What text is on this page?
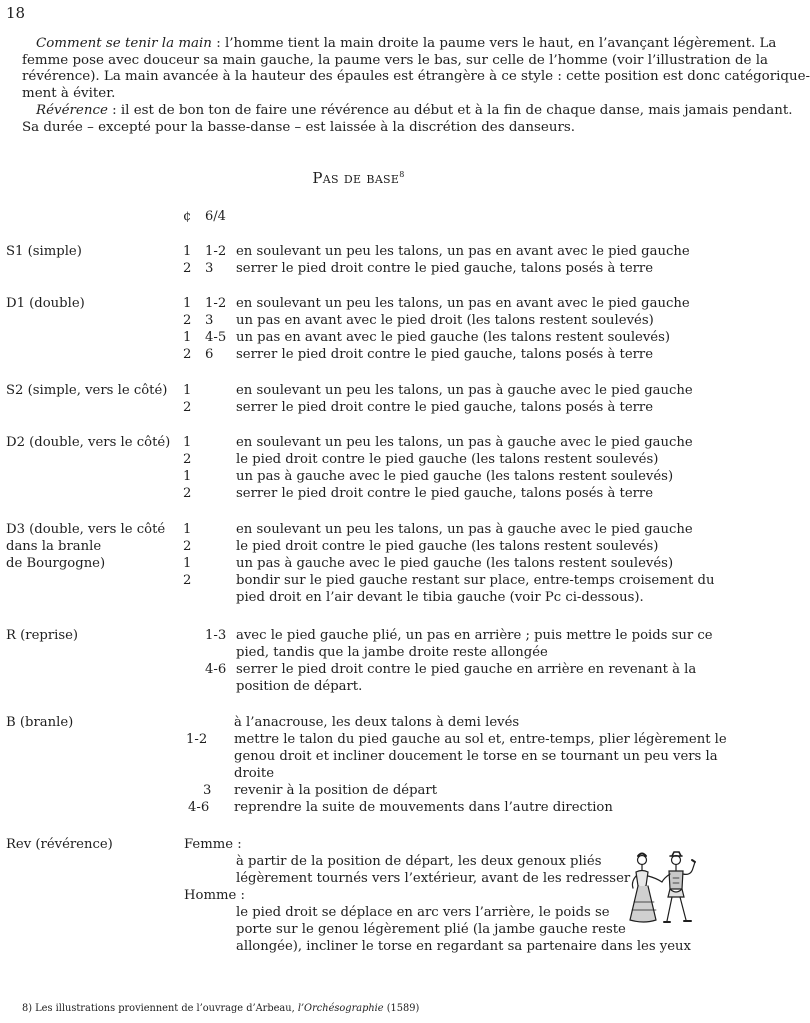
18
Comment se tenir la main : l’homme tient la main droite la paume vers le haut, en l’avançant légèrement. La
femme pose avec douceur sa main gauche, la paume vers le bas, sur celle de l’homme (voir l’illustration de la
révérence). La main avancée à la hauteur des épaules est étrangère à ce style : cette position est donc catégorique-
ment à éviter.
Révérence : il est de bon ton de faire une révérence au début et à la fin de chaque danse, mais jamais pendant.
Sa durée – excepté pour la basse-danse – est laissée à la discrétion des danseurs.
Pas de base$^8$
¢ 6/4
S1 (simple)	1 1-2 en soulevant un peu les talons, un pas en avant avec le pied gauche
2 3 serrer le pied droit contre le pied gauche, talons posés à terre
D1 (double)	1 1-2 en soulevant un peu les talons, un pas en avant avec le pied gauche
2 3 un pas en avant avec le pied droit (les talons restent soulevés)
1 4-5 un pas en avant avec le pied gauche (les talons restent soulevés)
2 6 serrer le pied droit contre le pied gauche, talons posés à terre
S2 (simple, vers le côté) 1	en soulevant un peu les talons, un pas à gauche avec le pied gauche
2	serrer le pied droit contre le pied gauche, talons posés à terre
D2 (double, vers le côté) 1	en soulevant un peu les talons, un pas à gauche avec le pied gauche
2	le pied droit contre le pied gauche (les talons restent soulevés)
1	un pas à gauche avec le pied gauche (les talons restent soulevés)
2	serrer le pied droit contre le pied gauche, talons posés à terre
D3 (double, vers le côté
dans la branle
de Bourgogne)
1	en soulevant un peu les talons, un pas à gauche avec le pied gauche
2	le pied droit contre le pied gauche (les talons restent soulevés)
1	un pas à gauche avec le pied gauche (les talons restent soulevés)
2	bondir sur le pied gauche restant sur place, entre-temps croisement du
pied droit en l’air devant le tibia gauche (voir Pc ci-dessous).
R (reprise)	1-3 avec le pied gauche plié, un pas en arrière ; puis mettre le poids sur ce
pied, tandis que la jambe droite reste allongée
4-6 serrer le pied droit contre le pied gauche en arrière en revenant à la
position de départ.
B (branle)	à l’anacrouse, les deux talons à demi levés
1-2 mettre le talon du pied gauche au sol et, entre-temps, plier légèrement le
genou droit et incliner doucement le torse en se tournant un peu vers la
droite
3 revenir à la position de départ
4-6 reprendre la suite de mouvements dans l’autre direction
Rev (révérence)	Femme :
à partir de la position de départ, les deux genoux pliés
légèrement tournés vers l’extérieur, avant de les redresser
Homme :
le pied droit se déplace en arc vers l’arrière, le poids se
porte sur le genou légèrement plié (la jambe gauche reste
allongée), incliner le torse en regardant sa partenaire dans les yeux
8) Les illustrations proviennent de l’ouvrage d’Arbeau, l’Orchésographie (1589)
